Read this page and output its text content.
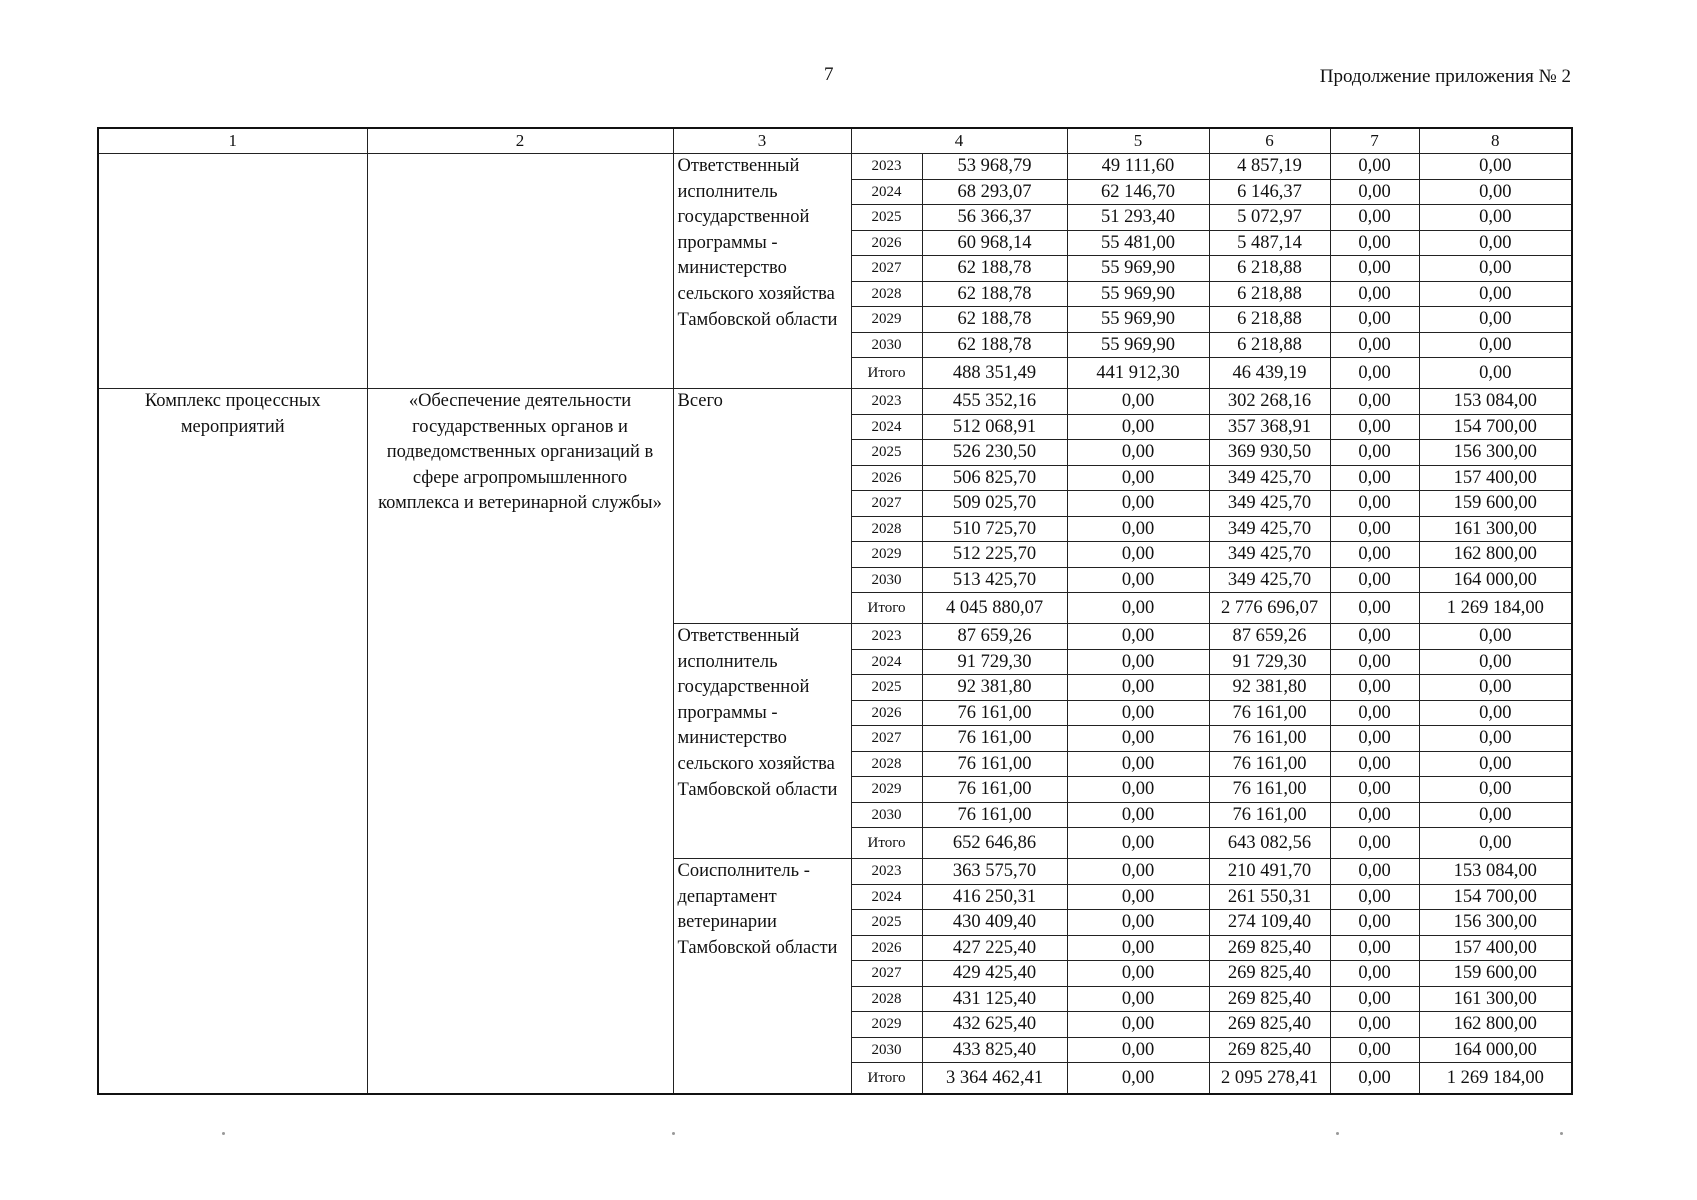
7	Продолжение приложения № 2
1	2	3	4		5	6	7	8
		Ответственный исполнитель государственной программы - министерство сельского хозяйства Тамбовской области	2023	53 968,79	49 111,60	4 857,19	0,00	0,00
			2024	68 293,07	62 146,70	6 146,37	0,00	0,00
			2025	56 366,37	51 293,40	5 072,97	0,00	0,00
			2026	60 968,14	55 481,00	5 487,14	0,00	0,00
			2027	62 188,78	55 969,90	6 218,88	0,00	0,00
			2028	62 188,78	55 969,90	6 218,88	0,00	0,00
			2029	62 188,78	55 969,90	6 218,88	0,00	0,00
			2030	62 188,78	55 969,90	6 218,88	0,00	0,00
			Итого	488 351,49	441 912,30	46 439,19	0,00	0,00
Комплекс процессных мероприятий	«Обеспечение деятельности государственных органов и подведомственных организаций в сфере агропромышленного комплекса и ветеринарной службы»	Всего	2023	455 352,16	0,00	302 268,16	0,00	153 084,00
			2024	512 068,91	0,00	357 368,91	0,00	154 700,00
			2025	526 230,50	0,00	369 930,50	0,00	156 300,00
			2026	506 825,70	0,00	349 425,70	0,00	157 400,00
			2027	509 025,70	0,00	349 425,70	0,00	159 600,00
			2028	510 725,70	0,00	349 425,70	0,00	161 300,00
			2029	512 225,70	0,00	349 425,70	0,00	162 800,00
			2030	513 425,70	0,00	349 425,70	0,00	164 000,00
			Итого	4 045 880,07	0,00	2 776 696,07	0,00	1 269 184,00
		Ответственный исполнитель государственной программы - министерство сельского хозяйства Тамбовской области	2023	87 659,26	0,00	87 659,26	0,00	0,00
			2024	91 729,30	0,00	91 729,30	0,00	0,00
			2025	92 381,80	0,00	92 381,80	0,00	0,00
			2026	76 161,00	0,00	76 161,00	0,00	0,00
			2027	76 161,00	0,00	76 161,00	0,00	0,00
			2028	76 161,00	0,00	76 161,00	0,00	0,00
			2029	76 161,00	0,00	76 161,00	0,00	0,00
			2030	76 161,00	0,00	76 161,00	0,00	0,00
			Итого	652 646,86	0,00	643 082,56	0,00	0,00
		Соисполнитель - департамент ветеринарии Тамбовской области	2023	363 575,70	0,00	210 491,70	0,00	153 084,00
			2024	416 250,31	0,00	261 550,31	0,00	154 700,00
			2025	430 409,40	0,00	274 109,40	0,00	156 300,00
			2026	427 225,40	0,00	269 825,40	0,00	157 400,00
			2027	429 425,40	0,00	269 825,40	0,00	159 600,00
			2028	431 125,40	0,00	269 825,40	0,00	161 300,00
			2029	432 625,40	0,00	269 825,40	0,00	162 800,00
			2030	433 825,40	0,00	269 825,40	0,00	164 000,00
			Итого	3 364 462,41	0,00	2 095 278,41	0,00	1 269 184,00
